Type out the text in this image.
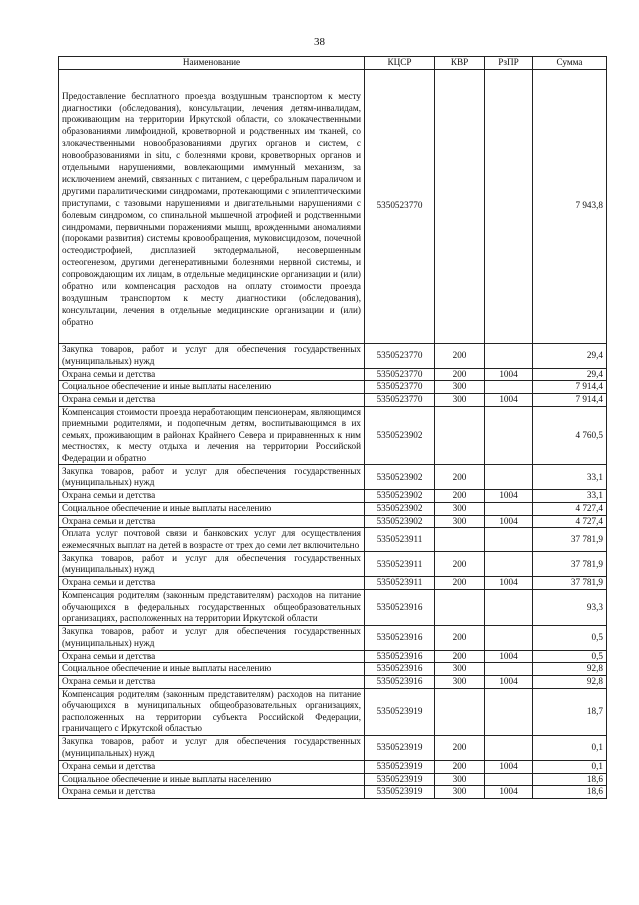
38
Наименование	КЦСР	КВР	РзПР	Сумма
Предоставление бесплатного проезда воздушным транспортом к месту диагностики (обследования), консультации, лечения детям-инвалидам, проживающим на территории Иркутской области, со злокачественными образованиями лимфоидной, кроветворной и родственных им тканей, со злокачественными новообразованиями других органов и систем, с новообразованиями in situ, с болезнями крови, кроветворных органов и отдельными нарушениями, вовлекающими иммунный механизм, за исключением анемий, связанных с питанием, с церебральным параличом и другими паралитическими синдромами, протекающими с эпилептическими приступами, с тазовыми нарушениями и двигательными нарушениями с болевым синдромом, со спинальной мышечной атрофией и родственными синдромами, первичными поражениями мышц, врожденными аномалиями (пороками развития) системы кровообращения, муковисцидозом, почечной остеодистрофией, дисплазией эктодермальной, несовершенным остеогенезом, другими дегенеративными болезнями нервной системы, и сопровождающим их лицам, в отдельные медицинские организации и (или) обратно или компенсация расходов на оплату стоимости проезда воздушным транспортом к месту диагностики (обследования), консультации, лечения в отдельные медицинские организации и (или) обратно	5350523770			7 943,8
Закупка товаров, работ и услуг для обеспечения государственных (муниципальных) нужд	5350523770	200		29,4
Охрана семьи и детства	5350523770	200	1004	29,4
Социальное обеспечение и иные выплаты населению	5350523770	300		7 914,4
Охрана семьи и детства	5350523770	300	1004	7 914,4
Компенсация стоимости проезда неработающим пенсионерам, являющимся приемными родителями, и подопечным детям, воспитывающимся в их семьях, проживающим в районах Крайнего Севера и приравненных к ним местностях, к месту отдыха и лечения на территории Российской Федерации и обратно	5350523902			4 760,5
Закупка товаров, работ и услуг для обеспечения государственных (муниципальных) нужд	5350523902	200		33,1
Охрана семьи и детства	5350523902	200	1004	33,1
Социальное обеспечение и иные выплаты населению	5350523902	300		4 727,4
Охрана семьи и детства	5350523902	300	1004	4 727,4
Оплата услуг почтовой связи и банковских услуг для осуществления ежемесячных выплат на детей в возрасте от трех до семи лет включительно	5350523911			37 781,9
Закупка товаров, работ и услуг для обеспечения государственных (муниципальных) нужд	5350523911	200		37 781,9
Охрана семьи и детства	5350523911	200	1004	37 781,9
Компенсация родителям (законным представителям) расходов на питание обучающихся в федеральных государственных общеобразовательных организациях, расположенных на территории Иркутской области	5350523916			93,3
Закупка товаров, работ и услуг для обеспечения государственных (муниципальных) нужд	5350523916	200		0,5
Охрана семьи и детства	5350523916	200	1004	0,5
Социальное обеспечение и иные выплаты населению	5350523916	300		92,8
Охрана семьи и детства	5350523916	300	1004	92,8
Компенсация родителям (законным представителям) расходов на питание обучающихся в муниципальных общеобразовательных организациях, расположенных на территории субъекта Российской Федерации, граничащего с Иркутской областью	5350523919			18,7
Закупка товаров, работ и услуг для обеспечения государственных (муниципальных) нужд	5350523919	200		0,1
Охрана семьи и детства	5350523919	200	1004	0,1
Социальное обеспечение и иные выплаты населению	5350523919	300		18,6
Охрана семьи и детства	5350523919	300	1004	18,6
